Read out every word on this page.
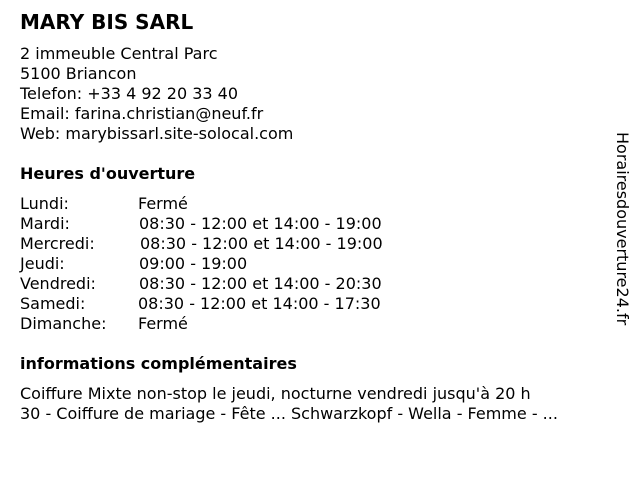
MARY BIS SARL
2 immeuble Central Parc
5100 Briancon
Telefon: +33 4 92 20 33 40
Email: farina.christian@neuf.fr
Web: marybissarl.site-solocal.com
Heures d'ouverture
Lundi:	Fermé
Mardi:	08:30 - 12:00 et 14:00 - 19:00
Mercredi:	08:30 - 12:00 et 14:00 - 19:00
Jeudi:	09:00 - 19:00
Vendredi:	08:30 - 12:00 et 14:00 - 20:30
Samedi:	08:30 - 12:00 et 14:00 - 17:30
Dimanche: Fermé
informations complémentaires
Coiffure Mixte non-stop le jeudi, nocturne vendredi jusqu'à 20 h
30 - Coiffure de mariage - Fête ... Schwarzkopf - Wella - Femme - ...
Horairesdouverture24.fr
